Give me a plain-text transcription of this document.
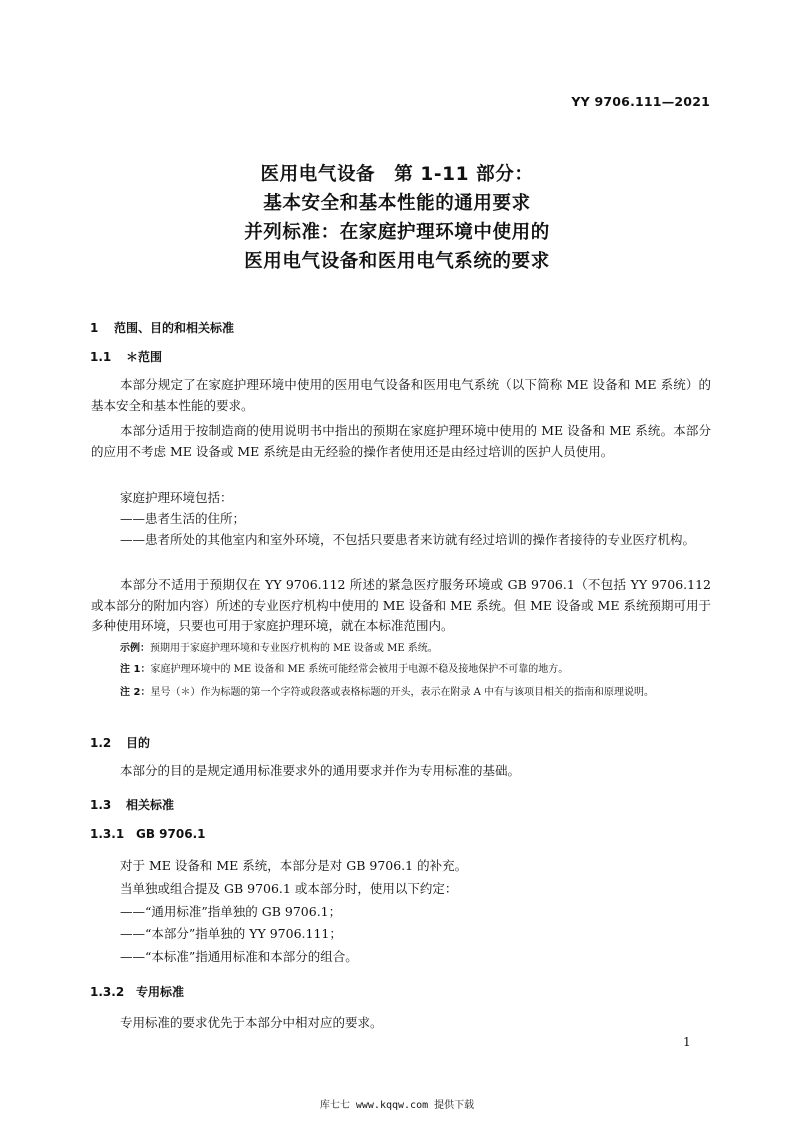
YY 9706.111—2021
医用电气设备　第 1-11 部分：
基本安全和基本性能的通用要求
并列标准：在家庭护理环境中使用的
医用电气设备和医用电气系统的要求
1 范围、目的和相关标准
1.1 ＊范围
本部分规定了在家庭护理环境中使用的医用电气设备和医用电气系统（以下简称 ME 设备和 ME 系统）的基本安全和基本性能的要求。
本部分适用于按制造商的使用说明书中指出的预期在家庭护理环境中使用的 ME 设备和 ME 系统。本部分的应用不考虑 ME 设备或 ME 系统是由无经验的操作者使用还是由经过培训的医护人员使用。
家庭护理环境包括：
——患者生活的住所；
——患者所处的其他室内和室外环境，不包括只要患者来访就有经过培训的操作者接待的专业医疗机构。
本部分不适用于预期仅在 YY 9706.112 所述的紧急医疗服务环境或 GB 9706.1（不包括 YY 9706.112或本部分的附加内容）所述的专业医疗机构中使用的 ME 设备和 ME 系统。但 ME 设备或 ME 系统预期可用于多种使用环境，只要也可用于家庭护理环境，就在本标准范围内。
示例：预期用于家庭护理环境和专业医疗机构的 ME 设备或 ME 系统。
注 1：家庭护理环境中的 ME 设备和 ME 系统可能经常会被用于电源不稳及接地保护不可靠的地方。
注 2：星号（＊）作为标题的第一个字符或段落或表格标题的开头，表示在附录 A 中有与该项目相关的指南和原理说明。
1.2 目的
本部分的目的是规定通用标准要求外的通用要求并作为专用标准的基础。
1.3 相关标准
1.3.1 GB 9706.1
对于 ME 设备和 ME 系统，本部分是对 GB 9706.1 的补充。
当单独或组合提及 GB 9706.1 或本部分时，使用以下约定：
——“通用标准”指单独的 GB 9706.1；
——“本部分”指单独的 YY 9706.111；
——“本标准”指通用标准和本部分的组合。
1.3.2 专用标准
专用标准的要求优先于本部分中相对应的要求。
1
库七七 www.kqqw.com 提供下载
